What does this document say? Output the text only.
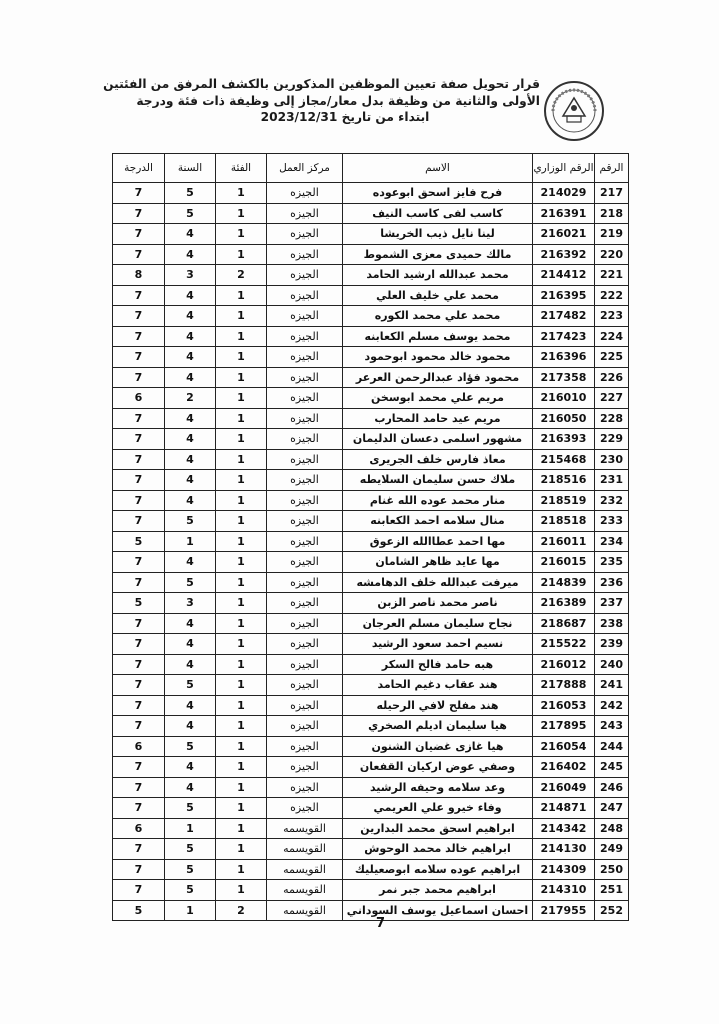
قرار تحويل صفة تعيين الموظفين المذكورين بالكشف المرفق من الفئتين
الأولى والثانية من وظيفة بدل معار/مجاز إلى وظيفة ذات فئة ودرجة
ابتداء من تاريخ 2023/12/31
الرقم	الرقم الوزاري	الاسم	مركز العمل	الفئة	السنة	الدرجة
217	214029	فرح فايز اسحق ابوعوده	الجيزه	1	5	7
218	216391	كاسب لفى كاسب النيف	الجيزه	1	5	7
219	216021	لينا نايل ذيب الخريشا	الجيزه	1	4	7
220	216392	مالك حميدى معزى الشموط	الجيزه	1	4	7
221	214412	محمد عبدالله ارشيد الحامد	الجيزه	2	3	8
222	216395	محمد علي خليف العلي	الجيزه	1	4	7
223	217482	محمد علي محمد الكوره	الجيزه	1	4	7
224	217423	محمد يوسف مسلم الكعابنه	الجيزه	1	4	7
225	216396	محمود خالد محمود ابوحمود	الجيزه	1	4	7
226	217358	محمود فؤاد عبدالرحمن العرعر	الجيزه	1	4	7
227	216010	مريم علي محمد ابوسخن	الجيزه	1	2	6
228	216050	مريم عيد حامد المحارب	الجيزه	1	4	7
229	216393	مشهور اسلمى دعسان الدليمان	الجيزه	1	4	7
230	215468	معاذ فارس خلف الجريرى	الجيزه	1	4	7
231	218516	ملاك حسن سليمان السلايطه	الجيزه	1	4	7
232	218519	منار محمد عوده الله غنام	الجيزه	1	4	7
233	218518	منال سلامه احمد الكعابنه	الجيزه	1	5	7
234	216011	مها احمد عطاالله الزعوق	الجيزه	1	1	5
235	216015	مها عايد ظاهر الشامان	الجيزه	1	4	7
236	214839	ميرفت عبدالله خلف الدهامشه	الجيزه	1	5	7
237	216389	ناصر محمد ناصر الزبن	الجيزه	1	3	5
238	218687	نجاح سليمان مسلم العرجان	الجيزه	1	4	7
239	215522	نسيم احمد سعود الرشيد	الجيزه	1	4	7
240	216012	هبه حامد فالح السكر	الجيزه	1	4	7
241	217888	هند عقاب دغيم الحامد	الجيزه	1	5	7
242	216053	هند مفلح لافي الرحيله	الجيزه	1	4	7
243	217895	هيا سليمان اديلم الصخري	الجيزه	1	4	7
244	216054	هيا غازى غضيان الشنون	الجيزه	1	5	6
245	216402	وصفي عوض اركيان القفعان	الجيزه	1	4	7
246	216049	وعد سلامه وحيفه الرشيد	الجيزه	1	4	7
247	214871	وفاء خيرو علي العريمي	الجيزه	1	5	7
248	214342	ابراهيم اسحق محمد البدارين	القويسمه	1	1	6
249	214130	ابراهيم خالد محمد الوحوش	القويسمه	1	5	7
250	214309	ابراهيم عوده سلامه ابوصعيليك	القويسمه	1	5	7
251	214310	ابراهيم محمد جبر نمر	القويسمه	1	5	7
252	217955	احسان اسماعيل يوسف السوداني	القويسمه	2	1	5
7
